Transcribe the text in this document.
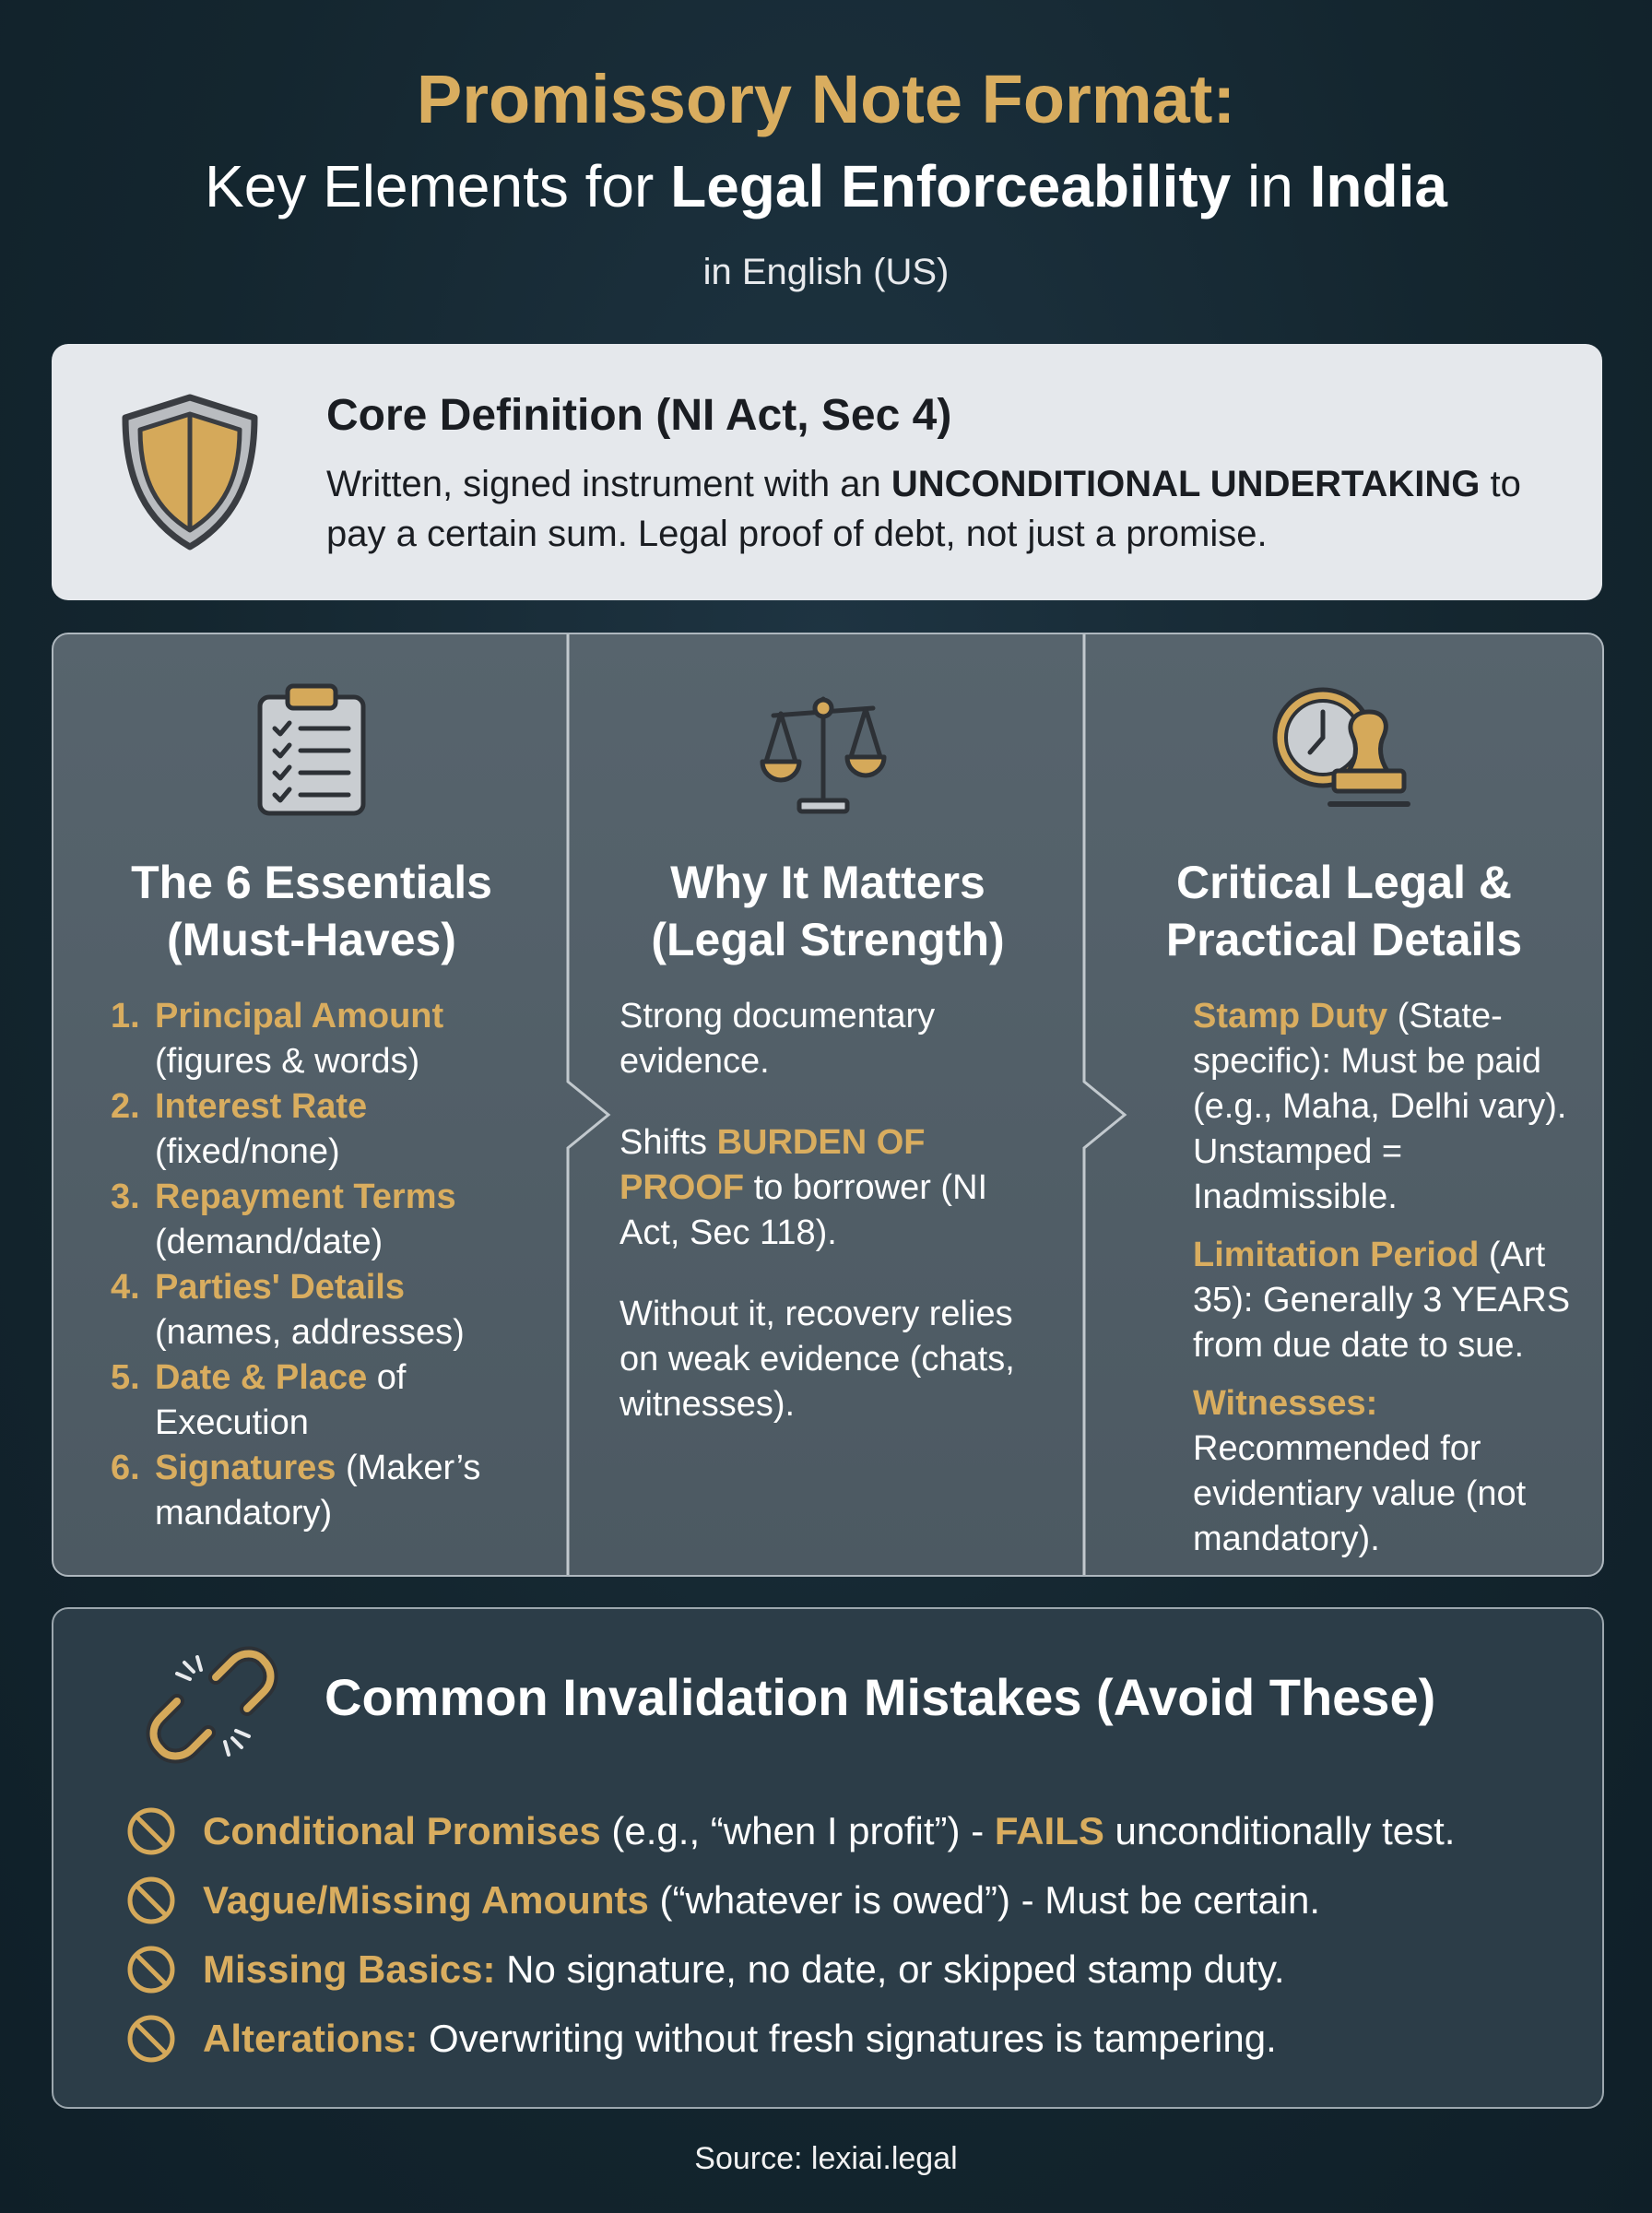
Promissory Note Format:
Key Elements for Legal Enforceability in India
in English (US)
Core Definition (NI Act, Sec 4)
Written, signed instrument with an UNCONDITIONAL UNDERTAKING to pay a certain sum. Legal proof of debt, not just a promise.
The 6 Essentials
(Must-Haves)
1. Principal Amount
(figures & words)
2. Interest Rate
(fixed/none)
3. Repayment Terms
(demand/date)
4. Parties' Details
(names, addresses)
5. Date & Place of
Execution
6. Signatures (Maker’s
mandatory)
Why It Matters
(Legal Strength)

Strong documentary evidence.

Shifts BURDEN OF PROOF to borrower (NI Act, Sec 118).

Without it, recovery relies on weak evidence (chats, witnesses).

Critical Legal &
Practical Details

Stamp Duty (State-specific): Must be paid (e.g., Maha, Delhi vary). Unstamped = Inadmissible.

Limitation Period (Art 35): Generally 3 YEARS from due date to sue.

Witnesses: Recommended for evidentiary value (not mandatory).

Common Invalidation Mistakes (Avoid These)
Conditional Promises (e.g., “when I profit”) - FAILS unconditionally test.
Vague/Missing Amounts (“whatever is owed”) - Must be certain.
Missing Basics: No signature, no date, or skipped stamp duty.
Alterations: Overwriting without fresh signatures is tampering.
Source: lexiai.legal
